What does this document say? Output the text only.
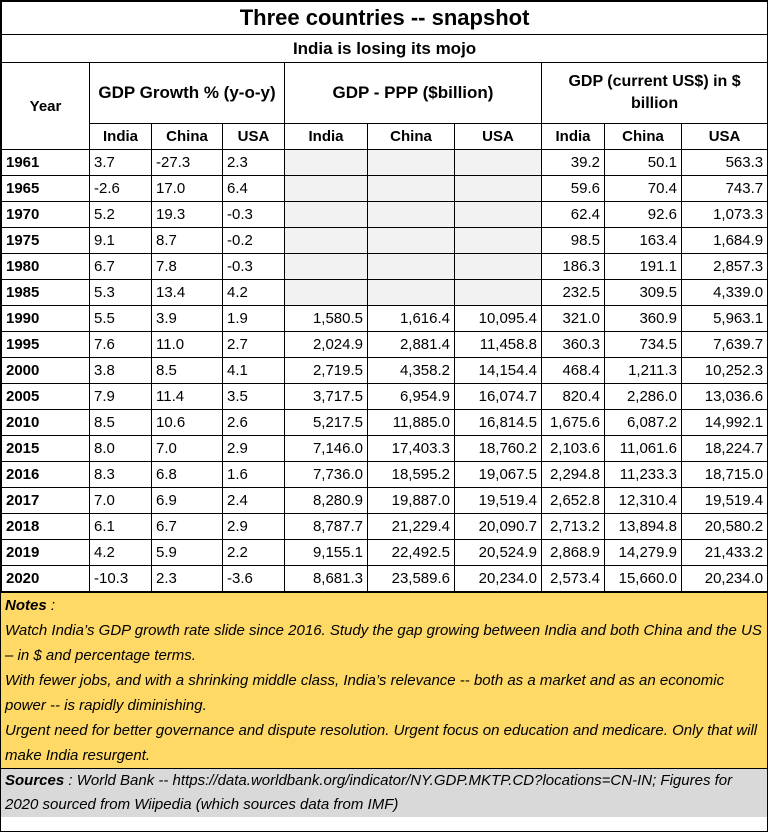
Three countries -- snapshot									
India is losing its mojo									
Year	GDP Growth % (y-o-y)			GDP - PPP ($billion)			GDP (current US$) in $ billion		
	India	China	USA	India	China	USA	India	China	USA
1961	3.7	-27.3	2.3				39.2	50.1	563.3
1965	-2.6	17.0	6.4				59.6	70.4	743.7
1970	5.2	19.3	-0.3				62.4	92.6	1,073.3
1975	9.1	8.7	-0.2				98.5	163.4	1,684.9
1980	6.7	7.8	-0.3				186.3	191.1	2,857.3
1985	5.3	13.4	4.2				232.5	309.5	4,339.0
1990	5.5	3.9	1.9	1,580.5	1,616.4	10,095.4	321.0	360.9	5,963.1
1995	7.6	11.0	2.7	2,024.9	2,881.4	11,458.8	360.3	734.5	7,639.7
2000	3.8	8.5	4.1	2,719.5	4,358.2	14,154.4	468.4	1,211.3	10,252.3
2005	7.9	11.4	3.5	3,717.5	6,954.9	16,074.7	820.4	2,286.0	13,036.6
2010	8.5	10.6	2.6	5,217.5	11,885.0	16,814.5	1,675.6	6,087.2	14,992.1
2015	8.0	7.0	2.9	7,146.0	17,403.3	18,760.2	2,103.6	11,061.6	18,224.7
2016	8.3	6.8	1.6	7,736.0	18,595.2	19,067.5	2,294.8	11,233.3	18,715.0
2017	7.0	6.9	2.4	8,280.9	19,887.0	19,519.4	2,652.8	12,310.4	19,519.4
2018	6.1	6.7	2.9	8,787.7	21,229.4	20,090.7	2,713.2	13,894.8	20,580.2
2019	4.2	5.9	2.2	9,155.1	22,492.5	20,524.9	2,868.9	14,279.9	21,433.2
2020	-10.3	2.3	-3.6	8,681.3	23,589.6	20,234.0	2,573.4	15,660.0	20,234.0
Notes :
Watch India’s GDP growth rate slide since 2016. Study the gap growing between India and both China and the US – in $ and percentage terms.
With fewer jobs, and with a shrinking middle class, India’s relevance -- both as a market and as an economic power -- is rapidly diminishing.
Urgent need for better governance and dispute resolution. Urgent focus on education and medicare. Only that will make India resurgent.
Sources : World Bank -- https://data.worldbank.org/indicator/NY.GDP.MKTP.CD?locations=CN-IN; Figures for 2020 sourced from Wiipedia (which sources data from IMF)
